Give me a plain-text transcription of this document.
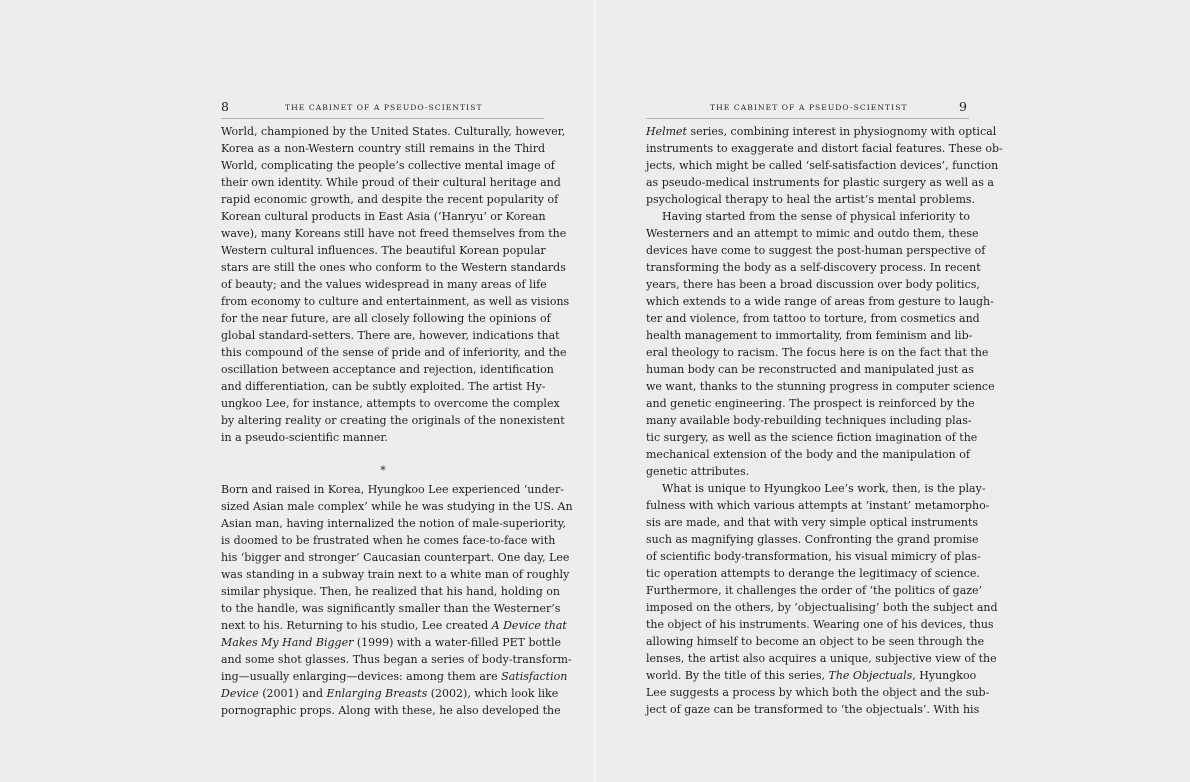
8	THE CABINET OF A PSEUDO-SCIENTIST
World, championed by the United States. Culturally, however,
Korea as a non-Western country still remains in the Third
World, complicating the people’s collective mental image of
their own identity. While proud of their cultural heritage and
rapid economic growth, and despite the recent popularity of
Korean cultural products in East Asia (‘Hanryu’ or Korean
wave), many Koreans still have not freed themselves from the
Western cultural influences. The beautiful Korean popular
stars are still the ones who conform to the Western standards
of beauty; and the values widespread in many areas of life
from economy to culture and entertainment, as well as visions
for the near future, are all closely following the opinions of
global standard-setters. There are, however, indications that
this compound of the sense of pride and of inferiority, and the
oscillation between acceptance and rejection, identification
and differentiation, can be subtly exploited. The artist Hy-
ungkoo Lee, for instance, attempts to overcome the complex
by altering reality or creating the originals of the nonexistent
in a pseudo-scientific manner.
*
Born and raised in Korea, Hyungkoo Lee experienced ‘under-
sized Asian male complex’ while he was studying in the US. An
Asian man, having internalized the notion of male-superiority,
is doomed to be frustrated when he comes face-to-face with
his ‘bigger and stronger’ Caucasian counterpart. One day, Lee
was standing in a subway train next to a white man of roughly
similar physique. Then, he realized that his hand, holding on
to the handle, was significantly smaller than the Westerner’s
next to his. Returning to his studio, Lee created A Device that
Makes My Hand Bigger (1999) with a water-filled PET bottle
and some shot glasses. Thus began a series of body-transform-
ing—usually enlarging—devices: among them are Satisfaction
Device (2001) and Enlarging Breasts (2002), which look like
pornographic props. Along with these, he also developed the
THE CABINET OF A PSEUDO-SCIENTIST	9
Helmet series, combining interest in physiognomy with optical
instruments to exaggerate and distort facial features. These ob-
jects, which might be called ‘self-satisfaction devices’, function
as pseudo-medical instruments for plastic surgery as well as a
psychological therapy to heal the artist’s mental problems.
Having started from the sense of physical inferiority to
Westerners and an attempt to mimic and outdo them, these
devices have come to suggest the post-human perspective of
transforming the body as a self-discovery process. In recent
years, there has been a broad discussion over body politics,
which extends to a wide range of areas from gesture to laugh-
ter and violence, from tattoo to torture, from cosmetics and
health management to immortality, from feminism and lib-
eral theology to racism. The focus here is on the fact that the
human body can be reconstructed and manipulated just as
we want, thanks to the stunning progress in computer science
and genetic engineering. The prospect is reinforced by the
many available body-rebuilding techniques including plas-
tic surgery, as well as the science fiction imagination of the
mechanical extension of the body and the manipulation of
genetic attributes.
What is unique to Hyungkoo Lee’s work, then, is the play-
fulness with which various attempts at ‘instant’ metamorpho-
sis are made, and that with very simple optical instruments
such as magnifying glasses. Confronting the grand promise
of scientific body-transformation, his visual mimicry of plas-
tic operation attempts to derange the legitimacy of science.
Furthermore, it challenges the order of ‘the politics of gaze’
imposed on the others, by ‘objectualising’ both the subject and
the object of his instruments. Wearing one of his devices, thus
allowing himself to become an object to be seen through the
lenses, the artist also acquires a unique, subjective view of the
world. By the title of this series, The Objectuals, Hyungkoo
Lee suggests a process by which both the object and the sub-
ject of gaze can be transformed to ‘the objectuals’. With his
